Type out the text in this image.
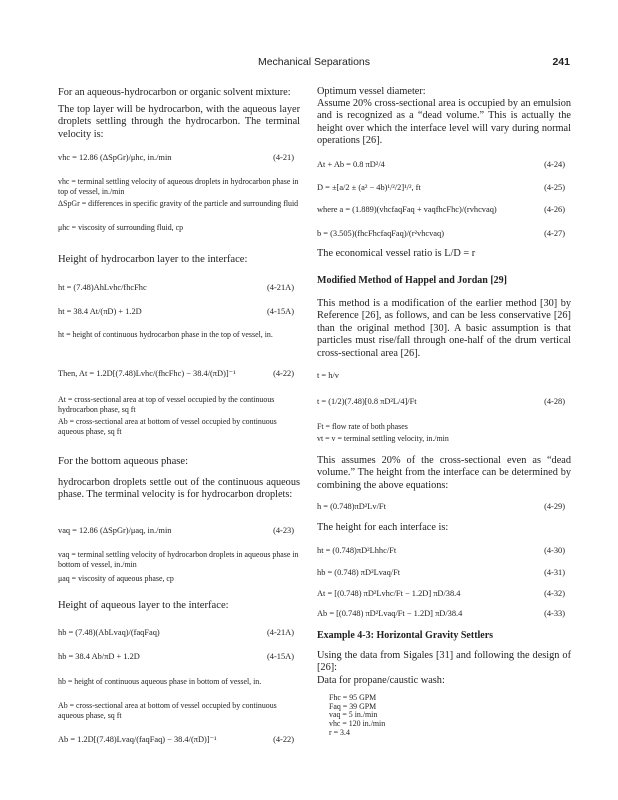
Mechanical Separations	241
For an aqueous-hydrocarbon or organic solvent mixture:
The top layer will be hydrocarbon, with the aqueous layer droplets settling through the hydrocarbon. The terminal velocity is:
vhc = 12.86 (ΔSpGr)/μhc, in./min	(4-21)
vhc = terminal settling velocity of aqueous droplets in hydrocarbon phase in top of vessel, in./min
ΔSpGr = differences in specific gravity of the particle and surrounding fluid
μhc = viscosity of surrounding fluid, cp
Height of hydrocarbon layer to the interface:
ht = (7.48)AhLvhc/fhcFhc	(4-21A)
ht = 38.4 At/(πD) + 1.2D	(4-15A)
ht = height of continuous hydrocarbon phase in the top of vessel, in.
Then, At = 1.2D[(7.48)Lvhc/(fhcFhc) − 38.4/(πD)]⁻¹	(4-22)
At = cross-sectional area at top of vessel occupied by the continuous hydrocarbon phase, sq ft
Ab = cross-sectional area at bottom of vessel occupied by continuous aqueous phase, sq ft
For the bottom aqueous phase:
hydrocarbon droplets settle out of the continuous aqueous phase. The terminal velocity is for hydrocarbon droplets:
vaq = 12.86 (ΔSpGr)/μaq, in./min	(4-23)
vaq = terminal settling velocity of hydrocarbon droplets in aqueous phase in bottom of vessel, in./min
μaq = viscosity of aqueous phase, cp
Height of aqueous layer to the interface:
hb = (7.48)(AbLvaq)/(faqFaq)	(4-21A)
hb = 38.4 Ab/πD + 1.2D	(4-15A)
hb = height of continuous aqueous phase in bottom of vessel, in.
Ab = cross-sectional area at bottom of vessel occupied by continuous aqueous phase, sq ft
Ab = 1.2D[(7.48)Lvaq/(faqFaq) − 38.4/(πD)]⁻¹	(4-22)
Optimum vessel diameter:
Assume 20% cross-sectional area is occupied by an emulsion and is recognized as a “dead volume.” This is actually the height over which the interface level will vary during normal operations [26].
At + Ab = 0.8 πD²/4	(4-24)
D = ±[a/2 ± (a² − 4b)¹/²/2]¹/², ft	(4-25)
where a = (1.889)(vhcfaqFaq + vaqfhcFhc)/(rvhcvaq)	(4-26)
b = (3.505)(fhcFhcfaqFaq)/(r²vhcvaq)	(4-27)
The economical vessel ratio is L/D = r
Modified Method of Happel and Jordan [29]
This method is a modification of the earlier method [30] by Reference [26], as follows, and can be less conservative [26] than the original method [30]. A basic assumption is that particles must rise/fall through one-half of the drum vertical cross-sectional area [26].
t = h/v
t = (1/2)(7.48)[0.8 πD²L/4]/Ft	(4-28)
Ft = flow rate of both phases
vt = v = terminal settling velocity, in./min
This assumes 20% of the cross-sectional even as “dead volume.” The height from the interface can be determined by combining the above equations:
h = (0.748)πD²Lv/Ft	(4-29)
The height for each interface is:
ht = (0.748)πD²Lhhc/Ft	(4-30)
hb = (0.748) πD²Lvaq/Ft	(4-31)
At = [(0.748) πD²Lvhc/Ft − 1.2D] πD/38.4	(4-32)
Ab = [(0.748) πD²Lvaq/Ft − 1.2D] πD/38.4	(4-33)
Example 4-3: Horizontal Gravity Settlers
Using the data from Sigales [31] and following the design of [26]:
Data for propane/caustic wash:
Fhc = 95 GPM
Faq = 39 GPM
vaq = 5 in./min
vhc = 120 in./min
r = 3.4
